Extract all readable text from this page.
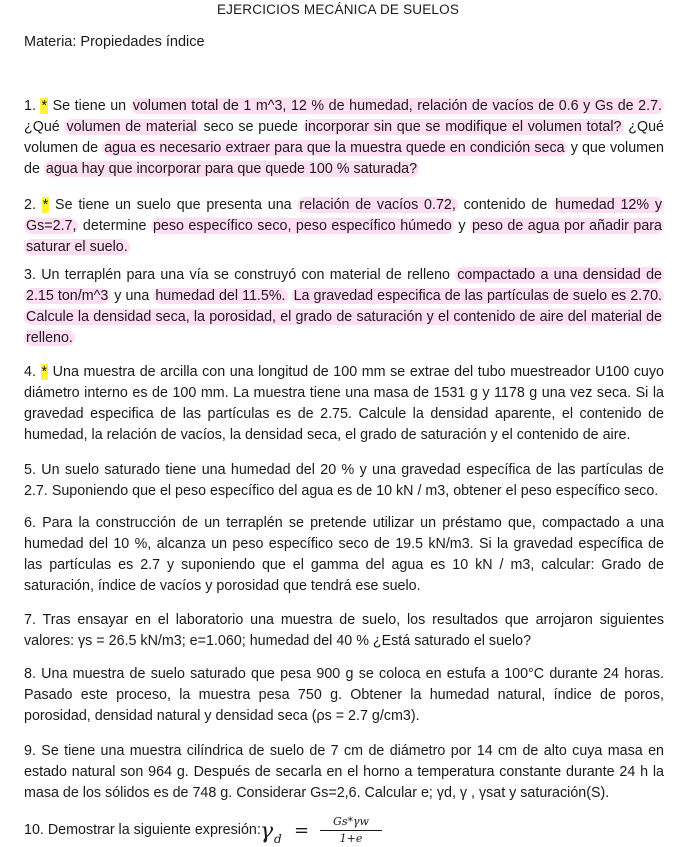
EJERCICIOS MECÁNICA DE SUELOS
Materia: Propiedades índice
1. * Se tiene un volumen total de 1 m^3, 12 % de humedad, relación de vacíos de 0.6 y Gs de 2.7. ¿Qué volumen de material seco se puede incorporar sin que se modifique el volumen total? ¿Qué volumen de agua es necesario extraer para que la muestra quede en condición seca y que volumen de agua hay que incorporar para que quede 100 % saturada?
2. * Se tiene un suelo que presenta una relación de vacíos 0.72, contenido de humedad 12% y Gs=2.7, determine peso específico seco, peso específico húmedo y peso de agua por añadir para saturar el suelo.
3. Un terraplén para una vía se construyó con material de relleno compactado a una densidad de 2.15 ton/m^3 y una humedad del 11.5%. La gravedad especifica de las partículas de suelo es 2.70. Calcule la densidad seca, la porosidad, el grado de saturación y el contenido de aire del material de relleno.
4. * Una muestra de arcilla con una longitud de 100 mm se extrae del tubo muestreador U100 cuyo diámetro interno es de 100 mm. La muestra tiene una masa de 1531 g y 1178 g una vez seca. Si la gravedad especifica de las partículas es de 2.75. Calcule la densidad aparente, el contenido de humedad, la relación de vacíos, la densidad seca, el grado de saturación y el contenido de aire.
5. Un suelo saturado tiene una humedad del 20 % y una gravedad específica de las partículas de 2.7. Suponiendo que el peso específico del agua es de 10 kN / m3, obtener el peso específico seco.
6. Para la construcción de un terraplén se pretende utilizar un préstamo que, compactado a una humedad del 10 %, alcanza un peso específico seco de 19.5 kN/m3. Si la gravedad específica de las partículas es 2.7 y suponiendo que el gamma del agua es 10 kN / m3, calcular: Grado de saturación, índice de vacíos y porosidad que tendrá ese suelo.
7. Tras ensayar en el laboratorio una muestra de suelo, los resultados que arrojaron siguientes valores: γs = 26.5 kN/m3; e=1.060; humedad del 40 % ¿Está saturado el suelo?
8. Una muestra de suelo saturado que pesa 900 g se coloca en estufa a 100°C durante 24 horas. Pasado este proceso, la muestra pesa 750 g. Obtener la humedad natural, índice de poros, porosidad, densidad natural y densidad seca (ρs = 2.7 g/cm3).
9. Se tiene una muestra cilíndrica de suelo de 7 cm de diámetro por 14 cm de alto cuya masa en estado natural son 964 g. Después de secarla en el horno a temperatura constante durante 24 h la masa de los sólidos es de 748 g. Considerar Gs=2,6. Calcular e; γd, γ , γsat y saturación(S).
10. Demostrar la siguiente expresión: γ d =	Gs*γw
1+e
